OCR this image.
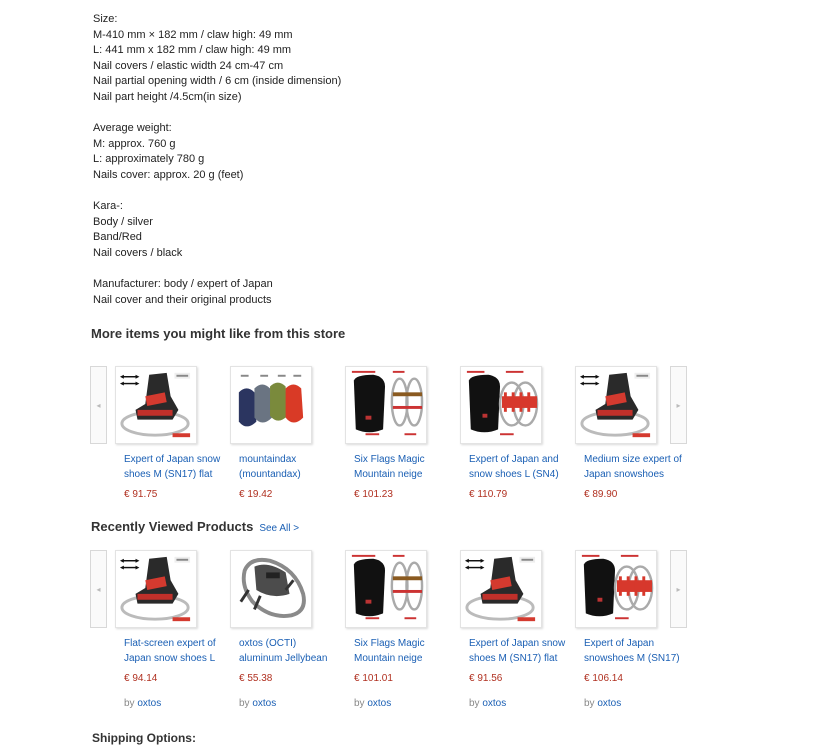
Size:
M-410 mm × 182 mm / claw high: 49 mm
L: 441 mm x 182 mm / claw high: 49 mm
Nail covers / elastic width 24 cm-47 cm
Nail partial opening width / 6 cm (inside dimension)
Nail part height /4.5cm(in size)
Average weight:
M: approx. 760 g
L: approximately 780 g
Nails cover: approx. 20 g (feet)
Kara-:
Body / silver
Band/Red
Nail covers / black
Manufacturer: body / expert of Japan
Nail cover and their original products
More items you might like from this store
◂	▸
Expert of Japan snow shoes M (SN17) flat
€ 91.75
mountaindax (mountandax)
€ 19.42
Six Flags Magic Mountain neige
€ 101.23
Expert of Japan and snow shoes L (SN4)
€ 110.79
Medium size expert of Japan snowshoes
€ 89.90
Recently Viewed Products See All >
◂	▸
Flat-screen expert of Japan snow shoes L
€ 94.14
by oxtos
oxtos (OCTI) aluminum Jellybean
€ 55.38
by oxtos
Six Flags Magic Mountain neige
€ 101.01
by oxtos
Expert of Japan snow shoes M (SN17) flat
€ 91.56
by oxtos
Expert of Japan snowshoes M (SN17)
€ 106.14
by oxtos
Shipping Options:
